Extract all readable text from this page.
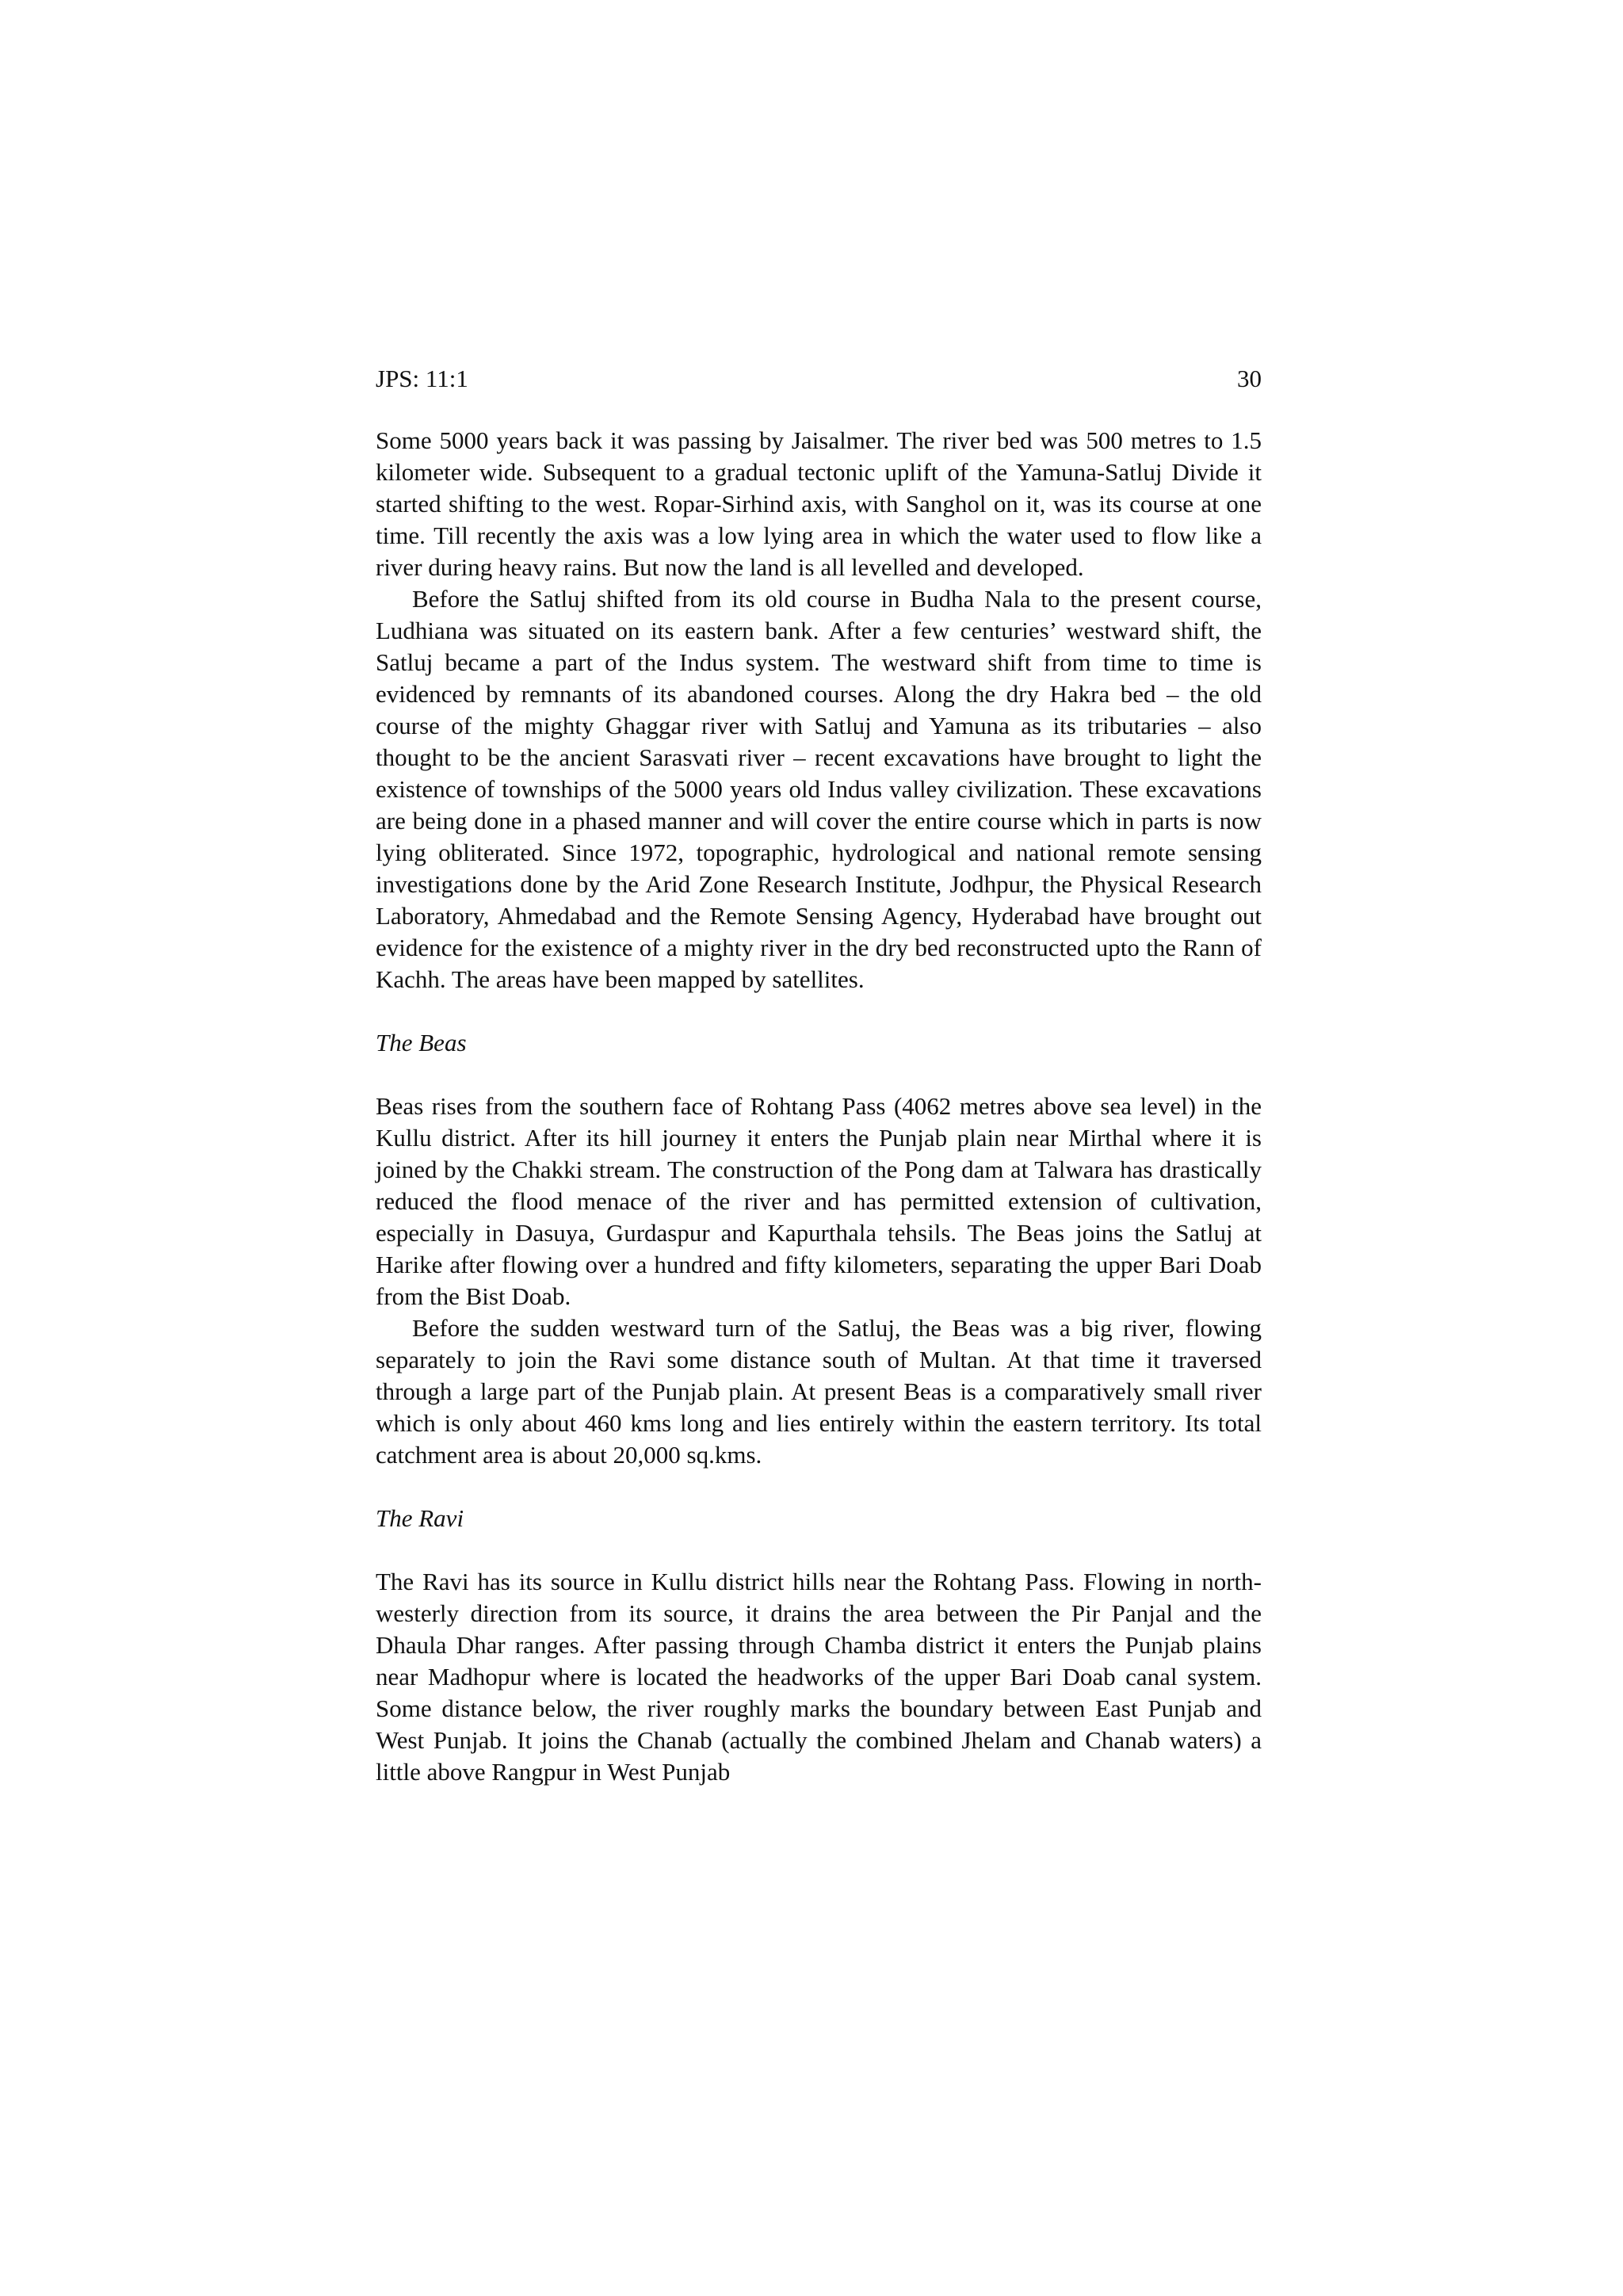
JPS: 11:1	30

Some 5000 years back it was passing by Jaisalmer. The river bed was 500 metres to 1.5 kilometer wide. Subsequent to a gradual tectonic uplift of the Yamuna-Satluj Divide it started shifting to the west. Ropar-Sirhind axis, with Sanghol on it, was its course at one time. Till recently the axis was a low lying area in which the water used to flow like a river during heavy rains. But now the land is all levelled and developed.

Before the Satluj shifted from its old course in Budha Nala to the present course, Ludhiana was situated on its eastern bank. After a few centuries’ westward shift, the Satluj became a part of the Indus system. The westward shift from time to time is evidenced by remnants of its abandoned courses. Along the dry Hakra bed – the old course of the mighty Ghaggar river with Satluj and Yamuna as its tributaries – also thought to be the ancient Sarasvati river – recent excavations have brought to light the existence of townships of the 5000 years old Indus valley civilization. These excavations are being done in a phased manner and will cover the entire course which in parts is now lying obliterated. Since 1972, topographic, hydrological and national remote sensing investigations done by the Arid Zone Research Institute, Jodhpur, the Physical Research Laboratory, Ahmedabad and the Remote Sensing Agency, Hyderabad have brought out evidence for the existence of a mighty river in the dry bed reconstructed upto the Rann of Kachh. The areas have been mapped by satellites.

The Beas

Beas rises from the southern face of Rohtang Pass (4062 metres above sea level) in the Kullu district. After its hill journey it enters the Punjab plain near Mirthal where it is joined by the Chakki stream. The construction of the Pong dam at Talwara has drastically reduced the flood menace of the river and has permitted extension of cultivation, especially in Dasuya, Gurdaspur and Kapurthala tehsils. The Beas joins the Satluj at Harike after flowing over a hundred and fifty kilometers, separating the upper Bari Doab from the Bist Doab.

Before the sudden westward turn of the Satluj, the Beas was a big river, flowing separately to join the Ravi some distance south of Multan. At that time it traversed through a large part of the Punjab plain. At present Beas is a comparatively small river which is only about 460 kms long and lies entirely within the eastern territory. Its total catchment area is about 20,000 sq.kms.

The Ravi

The Ravi has its source in Kullu district hills near the Rohtang Pass. Flowing in north-westerly direction from its source, it drains the area between the Pir Panjal and the Dhaula Dhar ranges. After passing through Chamba district it enters the Punjab plains near Madhopur where is located the headworks of the upper Bari Doab canal system. Some distance below, the river roughly marks the boundary between East Punjab and West Punjab. It joins the Chanab (actually the combined Jhelam and Chanab waters) a little above Rangpur in West Punjab
